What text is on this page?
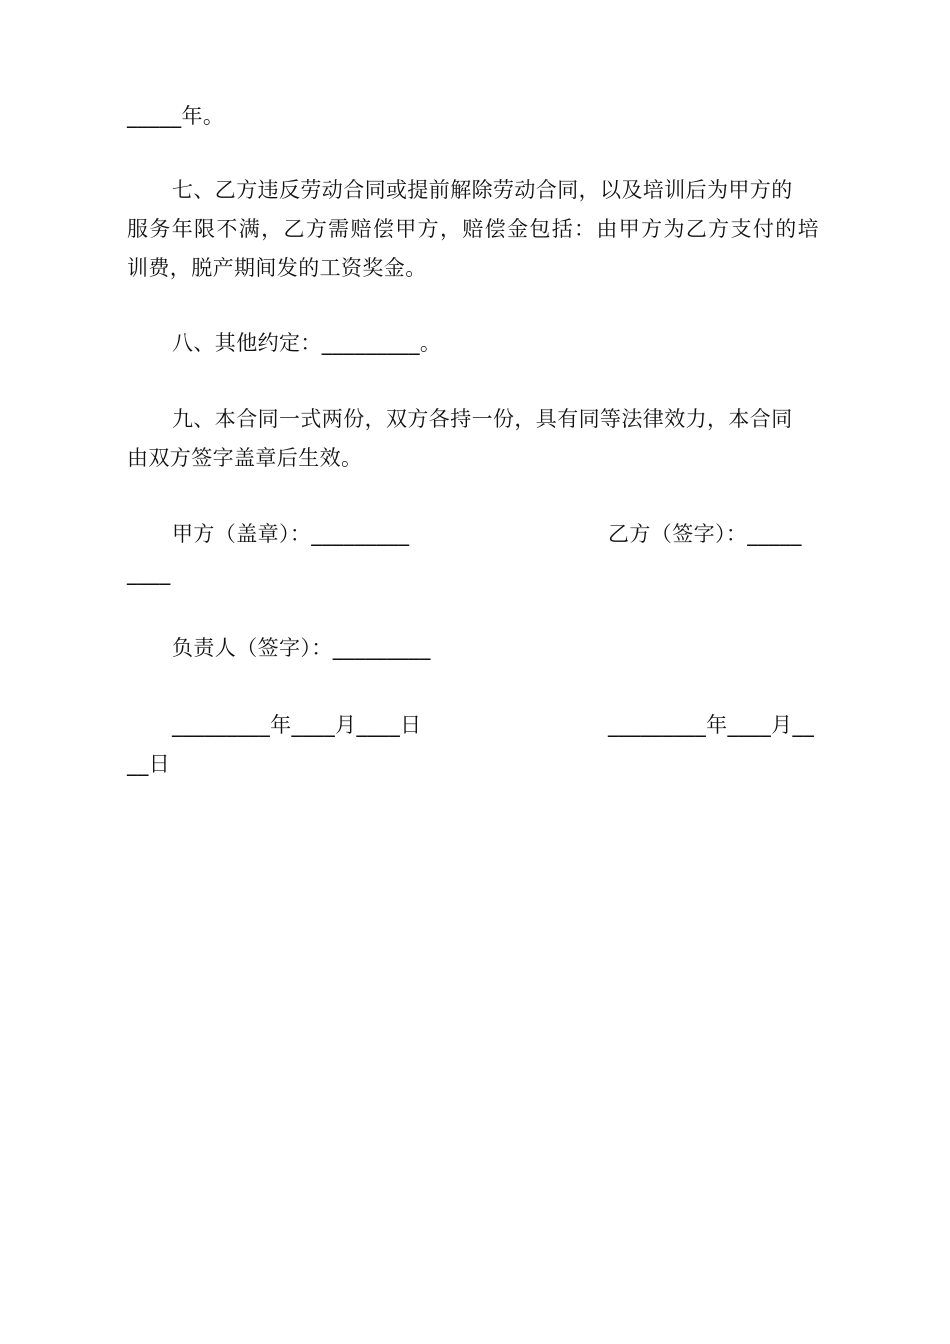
_____年。
七、乙方违反劳动合同或提前解除劳动合同，以及培训后为甲方的
服务年限不满，乙方需赔偿甲方，赔偿金包括：由甲方为乙方支付的培
训费，脱产期间发的工资奖金。
八、其他约定：_________。
九、本合同一式两份，双方各持一份，具有同等法律效力，本合同
由双方签字盖章后生效。
甲方（盖章）：_________	乙方（签字）：_____
____
负责人（签字）：_________
_________年____月____日	_________年____月__
__日
